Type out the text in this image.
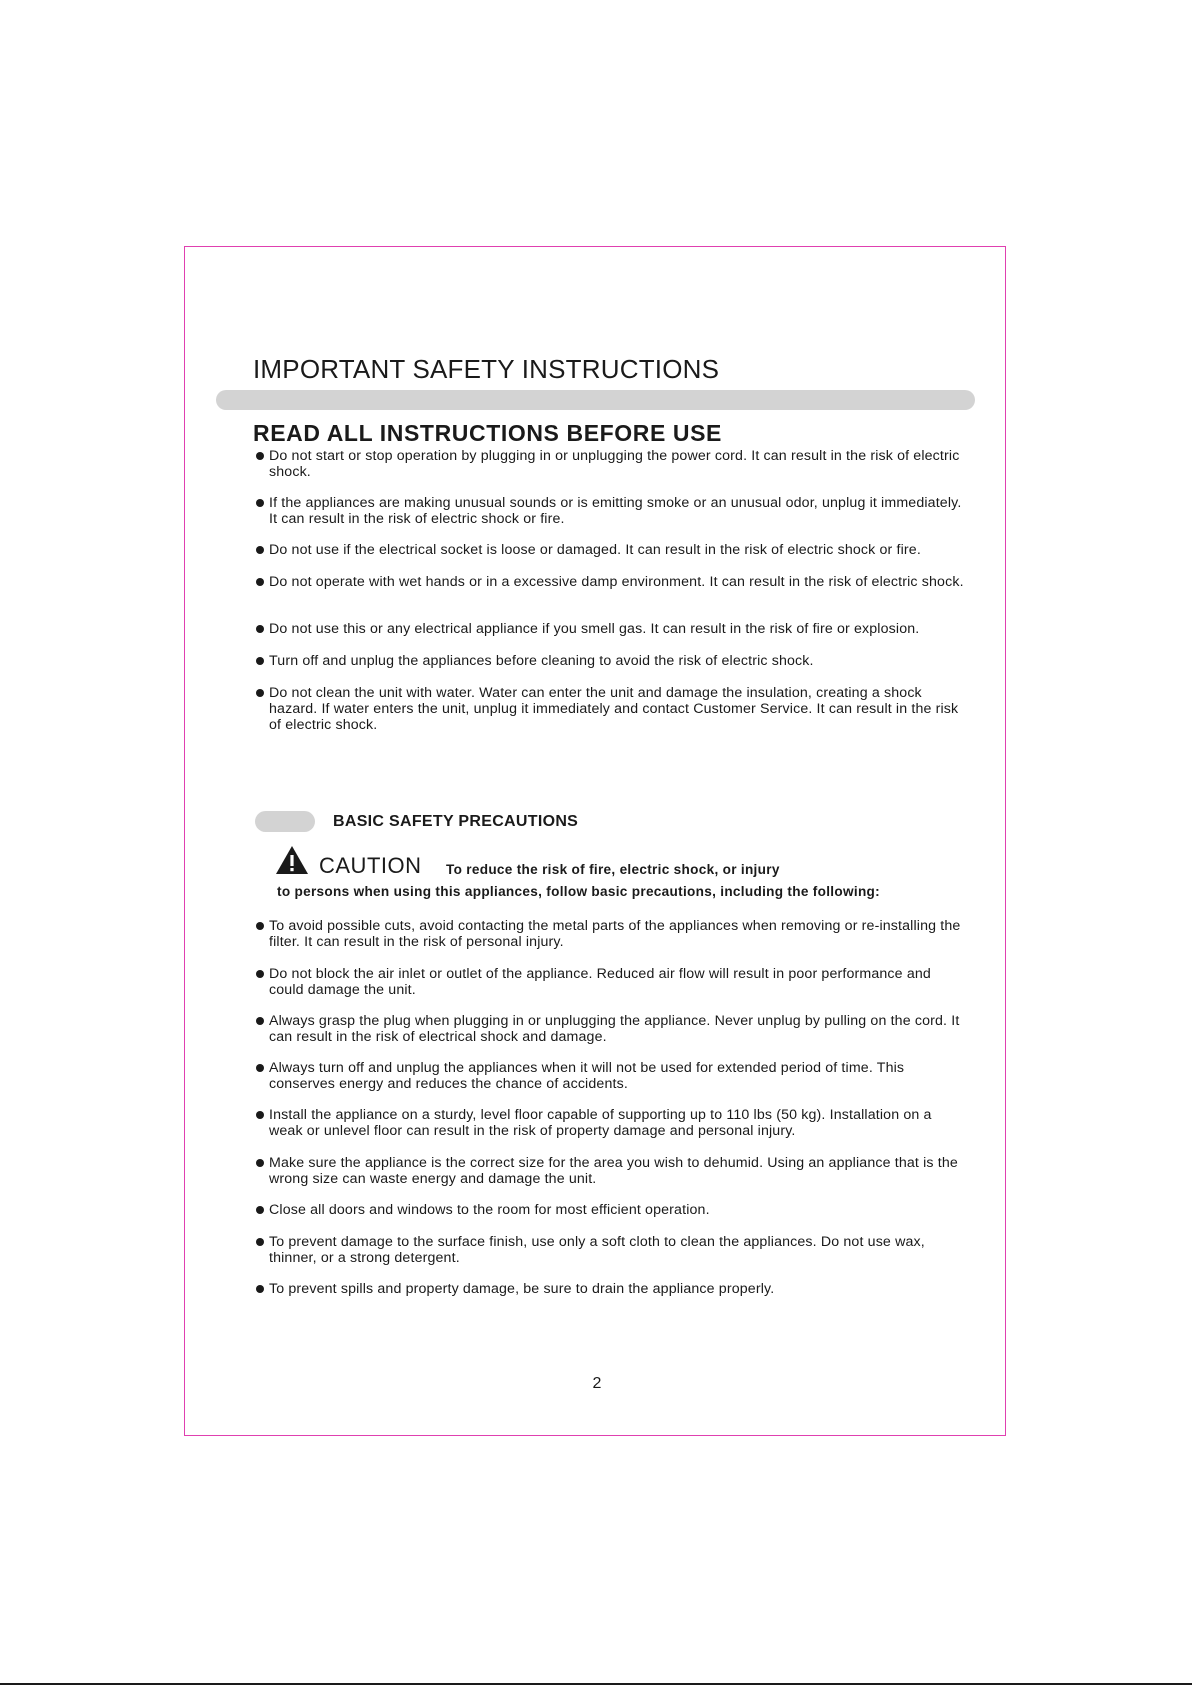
IMPORTANT SAFETY INSTRUCTIONS
READ ALL INSTRUCTIONS BEFORE USE
Do not start or stop operation by plugging in or unplugging the power cord. It can result in the risk of electric shock.
If the appliances are making unusual sounds or is emitting smoke or an unusual odor, unplug it immediately. It can result in the risk of electric shock or fire.
Do not use if the electrical socket is loose or damaged. It can result in the risk of electric shock or fire.
Do not operate with wet hands or in a excessive damp environment. It can result in the risk of electric shock.
Do not use this or any electrical appliance if you smell gas. It can result in the risk of fire or explosion.
Turn off and unplug the appliances before cleaning to avoid the risk of electric shock.
Do not clean the unit with water. Water can enter the unit and damage the insulation, creating a shock hazard. If water enters the unit, unplug it immediately and contact Customer Service. It can result in the risk of electric shock.
BASIC SAFETY PRECAUTIONS
CAUTION To reduce the risk of fire, electric shock, or injury
to persons when using this appliances, follow basic precautions, including the following:
To avoid possible cuts, avoid contacting the metal parts of the appliances when removing or re-installing the filter. It can result in the risk of personal injury.
Do not block the air inlet or outlet of the appliance. Reduced air flow will result in poor performance and could damage the unit.
Always grasp the plug when plugging in or unplugging the appliance. Never unplug by pulling on the cord. It can result in the risk of electrical shock and damage.
Always turn off and unplug the appliances when it will not be used for extended period of time. This conserves energy and reduces the chance of accidents.
Install the appliance on a sturdy, level floor capable of supporting up to 110 lbs (50 kg). Installation on a weak or unlevel floor can result in the risk of property damage and personal injury.
Make sure the appliance is the correct size for the area you wish to dehumid. Using an appliance that is the wrong size can waste energy and damage the unit.
Close all doors and windows to the room for most efficient operation.
To prevent damage to the surface finish, use only a soft cloth to clean the appliances. Do not use wax, thinner, or a strong detergent.
To prevent spills and property damage, be sure to drain the appliance properly.
2
